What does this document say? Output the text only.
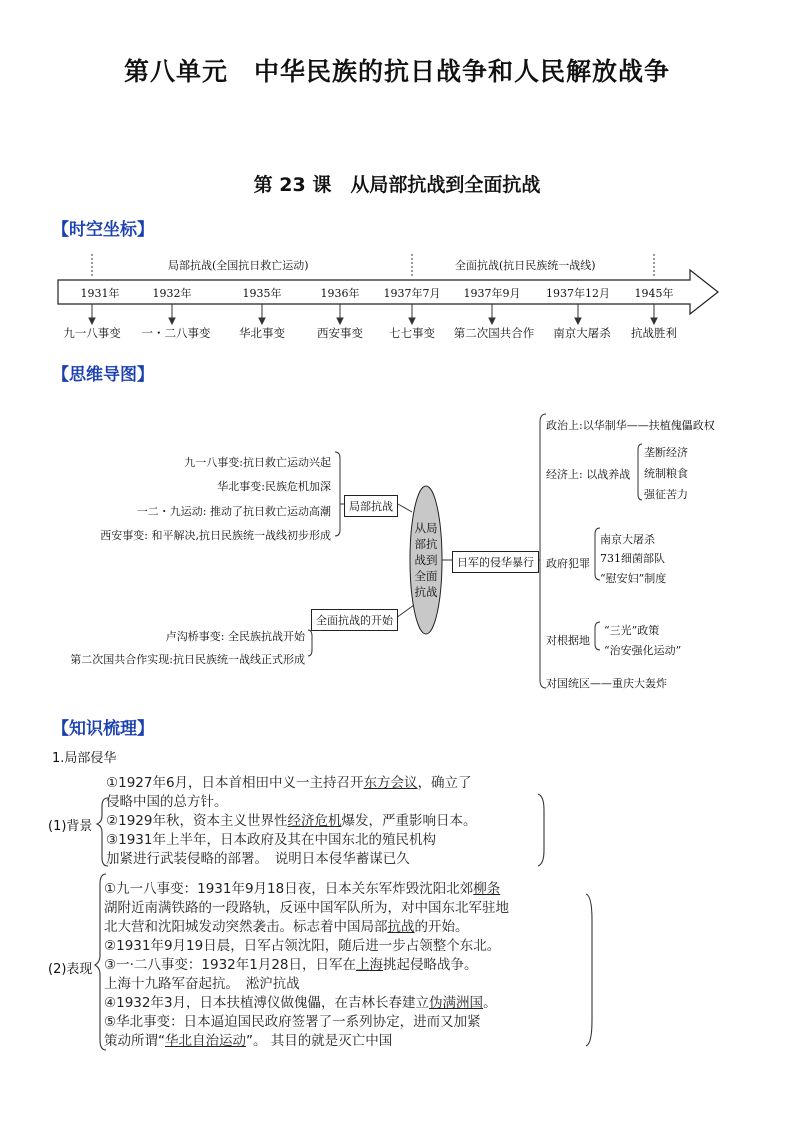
第八单元　中华民族的抗日战争和人民解放战争
第 23 课　从局部抗战到全面抗战
【时空坐标】
局部抗战(全国抗日救亡运动)	全面抗战(抗日民族统一战线)
1931年	1932年	1935年	1936年 1937年7月 1937年9月 1937年12月 1945年
九一八事变 一・二八事变 华北事变	西安事变 七七事变 第二次国共合作 南京大屠杀 抗战胜利
【思维导图】
从局
部抗
战到
全面
抗战
九一八事变:抗日救亡运动兴起
华北事变:民族危机加深
一二・九运动: 推动了抗日救亡运动高潮
西安事变: 和平解决,抗日民族统一战线初步形成
局部抗战
卢沟桥事变: 全民族抗战开始
第二次国共合作实现:抗日民族统一战线正式形成
全面抗战的开始
日军的侵华暴行
政治上:以华制华——扶植傀儡政权
经济上: 以战养战
垄断经济
统制粮食
强征苦力
政府犯罪
南京大屠杀
731细菌部队
“慰安妇”制度
对根据地
“三光”政策
“治安强化运动”
对国统区——重庆大轰炸
【知识梳理】
1.局部侵华
(1)背景
①1927年6月，日本首相田中义一主持召开东方会议，确立了
侵略中国的总方针。
②1929年秋，资本主义世界性经济危机爆发，严重影响日本。
③1931年上半年，日本政府及其在中国东北的殖民机构
加紧进行武装侵略的部署。　说明日本侵华蓄谋已久
(2)表现
①九一八事变：1931年9月18日夜，日本关东军炸毁沈阳北郊柳条
湖附近南满铁路的一段路轨，反诬中国军队所为，对中国东北军驻地
北大营和沈阳城发动突然袭击。标志着中国局部抗战的开始。
②1931年9月19日晨，日军占领沈阳，随后进一步占领整个东北。
③一·二八事变：1932年1月28日，日军在上海挑起侵略战争。
上海十九路军奋起抗。　淞沪抗战
④1932年3月，日本扶植溥仪做傀儡，在吉林长春建立伪满洲国。
⑤华北事变：日本逼迫国民政府签署了一系列协定，进而又加紧
策动所谓“华北自治运动”。 其目的就是灭亡中国
